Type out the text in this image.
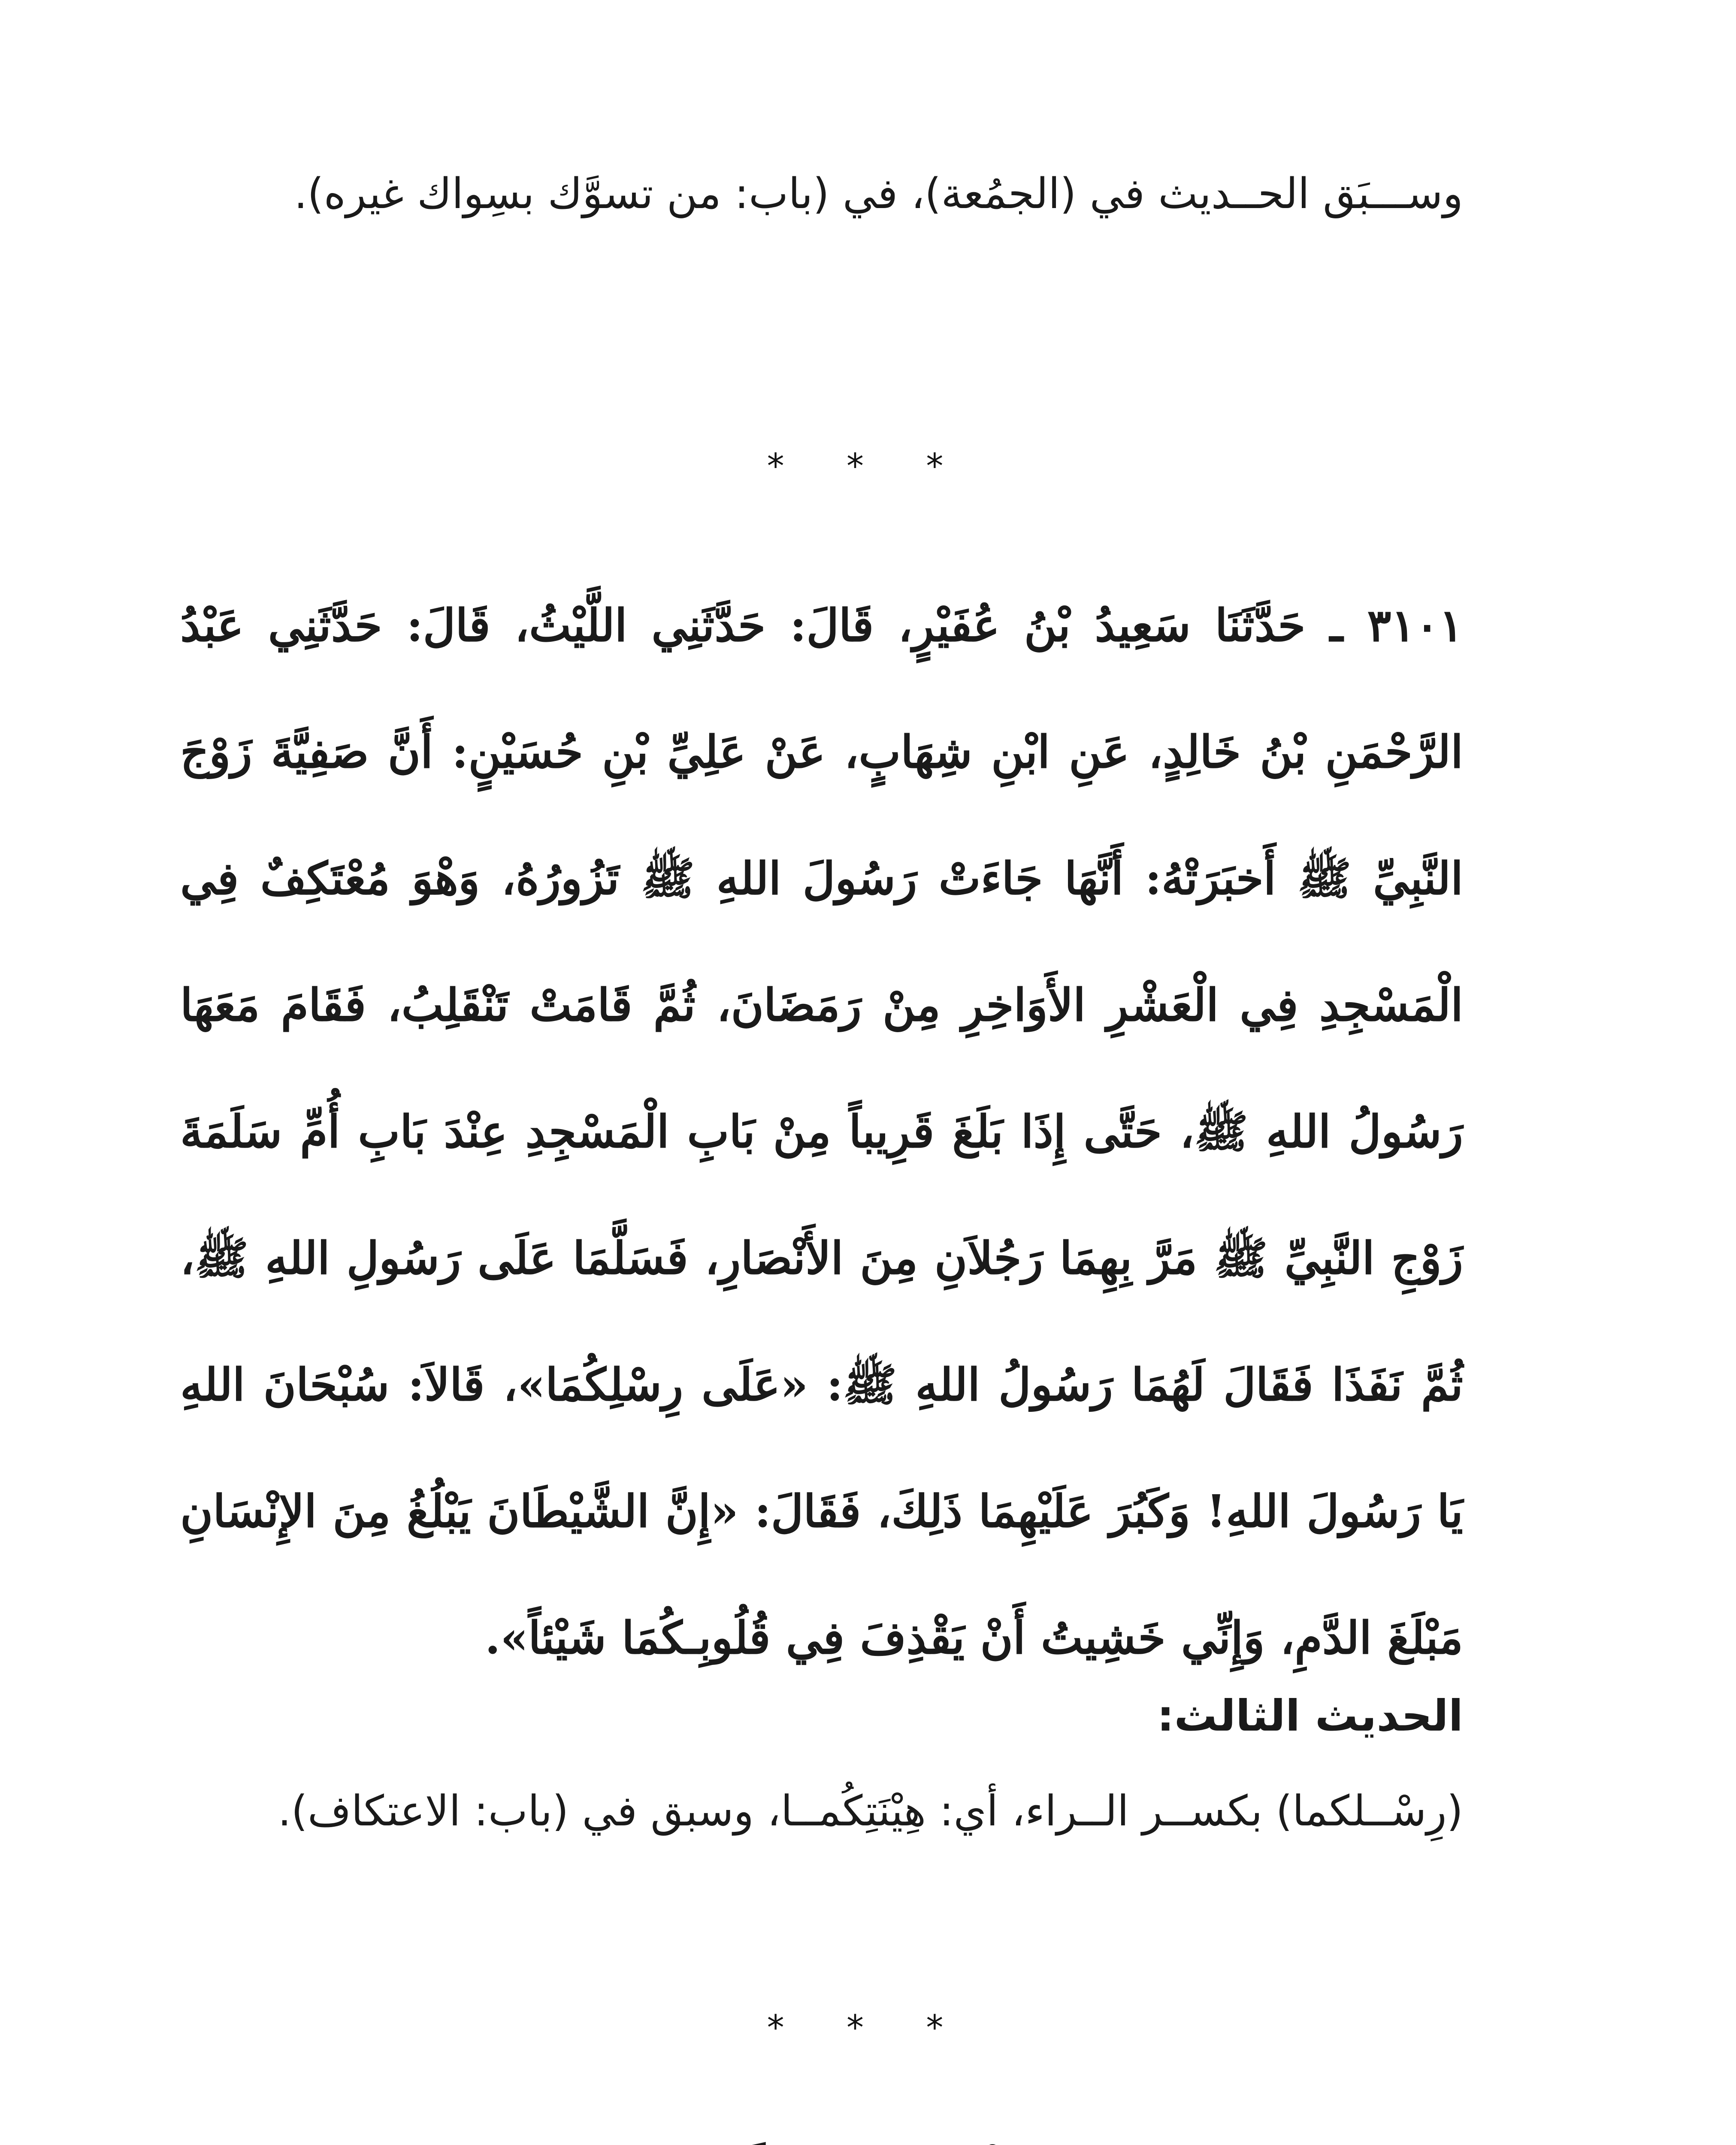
وســـبَق الحــديث في (الجمُعة)، في (باب: من تسوَّك بسِواك غيره).

* * *

٣١٠١ ـ حَدَّثَنَا سَعِيدُ بْنُ عُفَيْرٍ، قَالَ: حَدَّثَنِي اللَّيْثُ، قَالَ: حَدَّثَنِي عَبْدُ الرَّحْمَنِ بْنُ خَالِدٍ، عَنِ ابْنِ شِهَابٍ، عَنْ عَلِيِّ بْنِ حُسَيْنٍ: أَنَّ صَفِيَّةَ زَوْجَ النَّبِيِّ ﷺ أَخبَرَتْهُ: أَنَّهَا جَاءَتْ رَسُولَ اللهِ ﷺ تَزُورُهُ، وَهْوَ مُعْتَكِفٌ فِي الْمَسْجِدِ فِي الْعَشْرِ الأَوَاخِرِ مِنْ رَمَضَانَ، ثُمَّ قَامَتْ تَنْقَلِبُ، فَقَامَ مَعَهَا رَسُولُ اللهِ ﷺ، حَتَّى إِذَا بَلَغَ قَرِيباً مِنْ بَابِ الْمَسْجِدِ عِنْدَ بَابِ أُمِّ سَلَمَةَ زَوْجِ النَّبِيِّ ﷺ مَرَّ بِهِمَا رَجُلاَنِ مِنَ الأَنْصَارِ، فَسَلَّمَا عَلَى رَسُولِ اللهِ ﷺ، ثُمَّ نَفَذَا فَقَالَ لَهُمَا رَسُولُ اللهِ ﷺ: «عَلَى رِسْلِكُمَا»، قَالاَ: سُبْحَانَ اللهِ يَا رَسُولَ اللهِ! وَكَبُرَ عَلَيْهِمَا ذَلِكَ، فَقَالَ: «إِنَّ الشَّيْطَانَ يَبْلُغُ مِنَ الإِنْسَانِ مَبْلَغَ الدَّمِ، وَإِنِّي خَشِيتُ أَنْ يَقْذِفَ فِي قُلُوبِـكُمَا شَيْئاً».

الحديث الثالث:

(رِسْــلكما) بكســر الــراء، أي: هِيْنَتِكُمــا، وسبق في (باب: الاعتكاف).

* * *
